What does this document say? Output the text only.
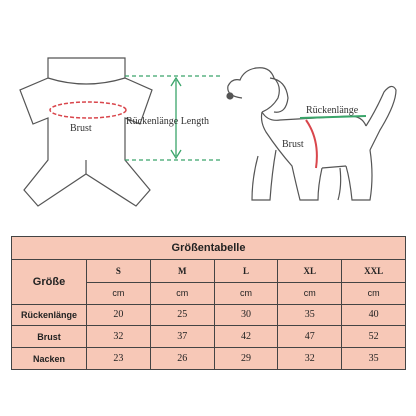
Brust
Rückenlänge Length
Rückenlänge
Brust
Größentabelle					
Größe	S	M	L	XL	XXL
	cm	cm	cm	cm	cm
Rückenlänge	20	25	30	35	40
Brust	32	37	42	47	52
Nacken	23	26	29	32	35
